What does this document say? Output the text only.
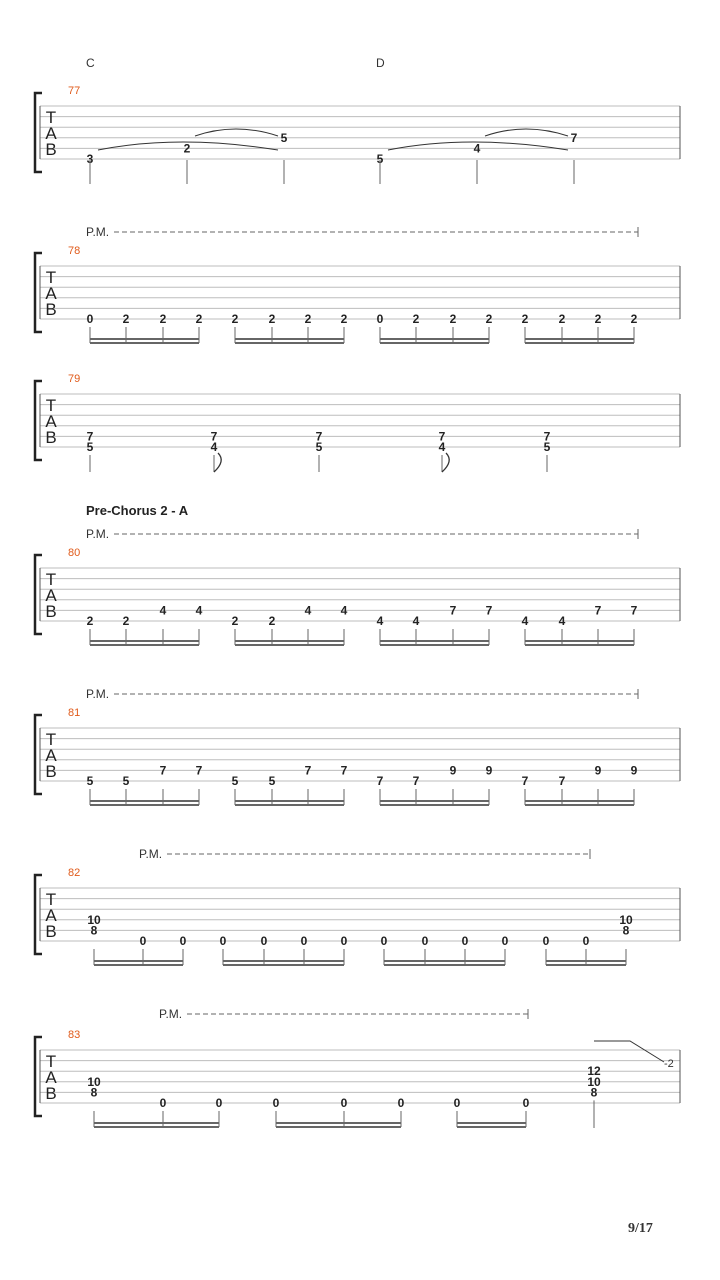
T
A
B
77
C	D
3
2
5
5
4
7
T
A
B
78
P.M.
0 2	2 2 2	2 2 2 0 2	2 2 2	2 2 2
T
A
B
79
7
5
7
4
7
5
7
4
7
5
T
A
B
80
Pre-Chorus 2 - A
P.M.
2 2
4 4
2	2
4 4
4 4
7 7
4	4
7 7
T
A
B
81
P.M.
5 5
7 7
5	5
7 7
7 7
9 9
7	7
9 9
T
A
B
82
P.M.
10
8
10
8
0	0	0	0	0	0	0	0	0	0	0	0
T
A
B
83
P.M.
10
8
0	0	0	0	0	0	0
12
10
8
-2
9/17
